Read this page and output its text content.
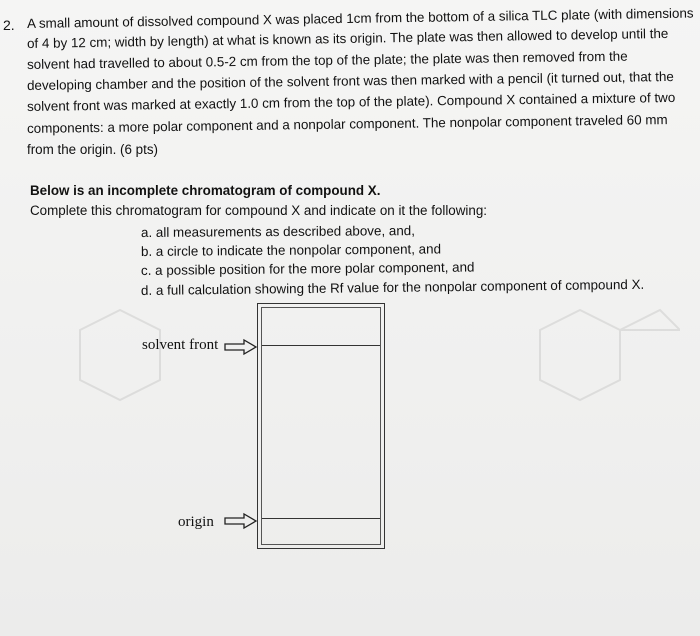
2. A small amount of dissolved compound X was placed 1cm from the bottom of a silica TLC plate (with dimensions
of 4 by 12 cm; width by length) at what is known as its origin. The plate was then allowed to develop until the
solvent had travelled to about 0.5-2 cm from the top of the plate; the plate was then removed from the
developing chamber and the position of the solvent front was then marked with a pencil (it turned out, that the
solvent front was marked at exactly 1.0 cm from the top of the plate). Compound X contained a mixture of two
components: a more polar component and a nonpolar component. The nonpolar component traveled 60 mm
from the origin. (6 pts)
Below is an incomplete chromatogram of compound X.
Complete this chromatogram for compound X and indicate on it the following:
a. all measurements as described above, and,
b. a circle to indicate the nonpolar component, and
c. a possible position for the more polar component, and
d. a full calculation showing the Rf value for the nonpolar component of compound X.
solvent front
origin
